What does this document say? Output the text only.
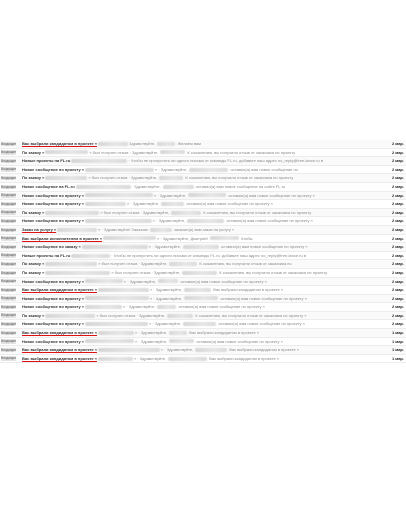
Входящие Вас выбрали кандидатом в проекте «	Здравствуйте,	Желаем вам	2 мар.
Входящие По заказу «	» был получен отзыв · Здравствуйте,	К сожалению, вы получили отзыв от заказчика по проекту	2 мар.
Входящие Новые проекты на FL.ru	· Чтобы не пропустить ни одного письма от команды FL.ru, добавьте наш адрес no_reply@free-lance.ru в	2 мар.
Входящие Новое сообщение по проекту «	» · Здравствуйте,	оставил(а) вам новое сообщение по	2 мар.
Входящие По заказу «	» был получен отзыв · Здравствуйте,	К сожалению, вы получили отзыв от заказчика по проекту	2 мар.
Входящие Новое сообщение на FL.ru	· Здравствуйте,	оставил(а) вам новое сообщение на сайте FL.ru	2 мар.
Входящие Новое сообщение по проекту «	» · Здравствуйте,	оставил(а) вам новое сообщение по проекту «	2 мар.
Входящие Новое сообщение по проекту «	» · Здравствуйте,	оставил(а) вам новое сообщение по проекту «	2 мар.
Входящие По заказу «	» был получен отзыв · Здравствуйте,	К сожалению, вы получили отзыв от заказчика по проекту	2 мар.
Входящие Новое сообщение по проекту «	» · Здравствуйте,	оставил(а) вам новое сообщение по проекту «	2 мар.
Входящие Заказ на услугу «	» · Здравствуйте! Заказчик	заказал(а) вам заказ на услугу «	2 мар.
Входящие Вас выбрали исполнителем в проекте «	» · Здравствуйте, Дмитрий!	Чтобы	2 мар.
Входящие Новое сообщение по заказу «	» · Здравствуйте,	оставил(а) вам новое сообщение по проекту «	2 мар.
Входящие Новые проекты на FL.ru	· Чтобы не пропустить ни одного письма от команды FL.ru, добавьте наш адрес no_reply@free-lance.ru в	2 мар.
Входящие По заказу «	» был получен отзыв · Здравствуйте,	К сожалению, вы получили отзыв от заказчика по	2 мар.
Входящие По заказу «	» был получен отзыв · Здравствуйте,	К сожалению, вы получили отзыв от заказчика по проекту	2 мар.
Входящие Новое сообщение по проекту «	» · Здравствуйте,	оставил(а) вам новое сообщение по проекту «	2 мар.
Входящие Вас выбрали кандидатом в проекте «	» · Здравствуйте,	Вас выбрали кандидатом в проекте «	2 мар.
Входящие Новое сообщение по проекту «	» · Здравствуйте,	оставил(а) вам новое сообщение по проекту «	2 мар.
Входящие Новое сообщение по проекту «	» · Здравствуйте,	оставил(а) вам новое сообщение по проекту «	2 мар.
Входящие По заказу «	» был получен отзыв · Здравствуйте,	К сожалению, вы получили отзыв от заказчика по проекту «	2 мар.
Входящие Новое сообщение по проекту «	» · Здравствуйте,	оставил(а) вам новое сообщение по проекту «	2 мар.
Входящие Вас выбрали кандидатом в проекте «	» · Здравствуйте,	Вас выбрали кандидатом в проекте «	1 мар.
Входящие Новое сообщение по проекту «	» · Здравствуйте,	оставил(а) вам новое сообщение по проекту «	1 мар.
Входящие Вас выбрали кандидатом в проекте «	» · Здравствуйте,	Вас выбрали кандидатом в проекте «	1 мар.
Входящие Вас выбрали кандидатом в проекте «	» · Здравствуйте,	Вас выбрали кандидатом в проекте «	1 мар.
